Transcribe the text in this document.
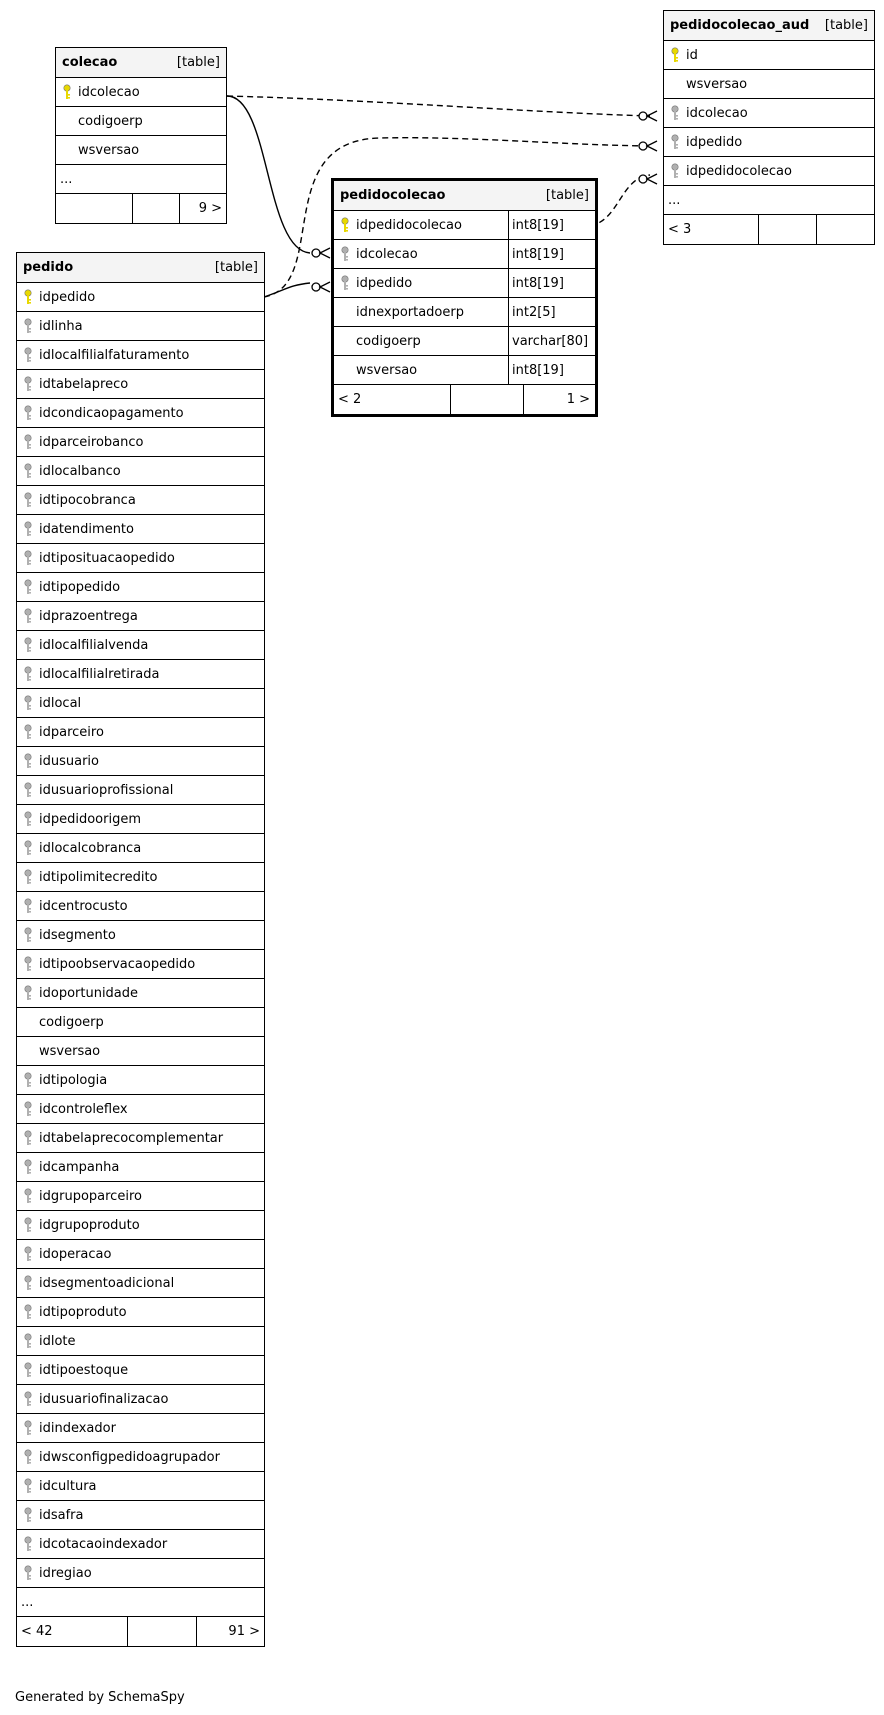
colecao	[table]
idcolecao
codigoerp
wsversao
...
9 >
pedidocolecao_aud [table]
id
wsversao
idcolecao
idpedido
idpedidocolecao
...
< 3
pedidocolecao	[table]
idpedidocolecao	int8[19]
idcolecao	int8[19]
idpedido	int8[19]
idnexportadoerp	int2[5]
codigoerp	varchar[80]
wsversao	int8[19]
< 2	1 >
pedido	[table]
idpedido
idlinha
idlocalfilialfaturamento
idtabelapreco
idcondicaopagamento
idparceirobanco
idlocalbanco
idtipocobranca
idatendimento
idtiposituacaopedido
idtipopedido
idprazoentrega
idlocalfilialvenda
idlocalfilialretirada
idlocal
idparceiro
idusuario
idusuarioprofissional
idpedidoorigem
idlocalcobranca
idtipolimitecredito
idcentrocusto
idsegmento
idtipoobservacaopedido
idoportunidade
codigoerp
wsversao
idtipologia
idcontroleflex
idtabelaprecocomplementar
idcampanha
idgrupoparceiro
idgrupoproduto
idoperacao
idsegmentoadicional
idtipoproduto
idlote
idtipoestoque
idusuariofinalizacao
idindexador
idwsconfigpedidoagrupador
idcultura
idsafra
idcotacaoindexador
idregiao
...
< 42	91 >
Generated by SchemaSpy
